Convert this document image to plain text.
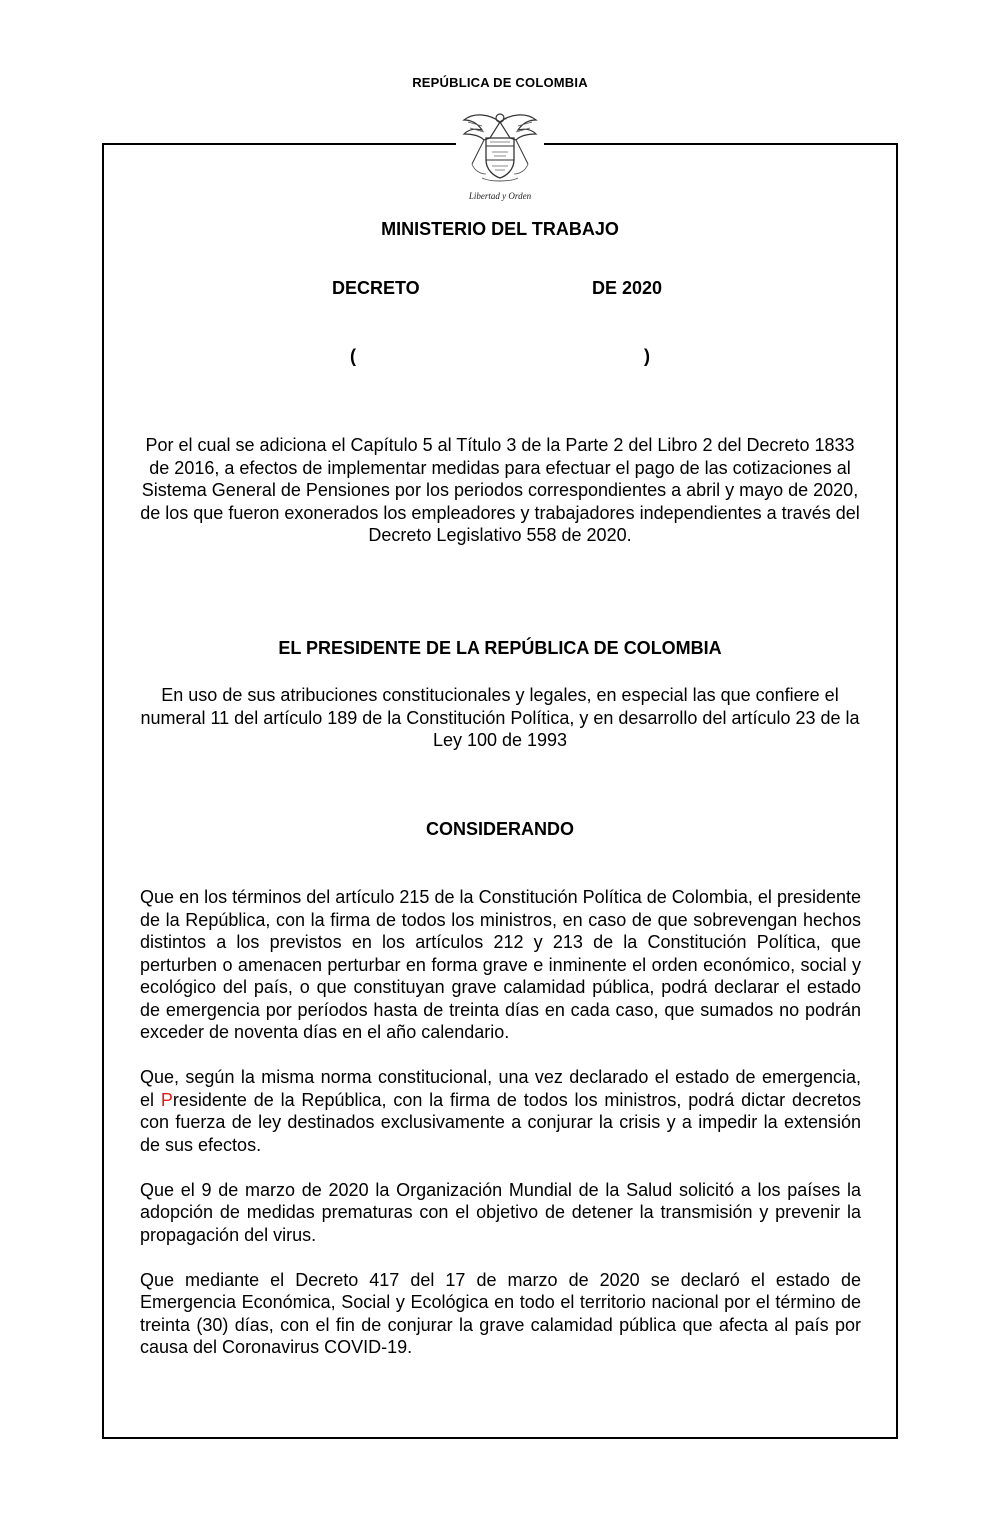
REPÚBLICA DE COLOMBIA
Libertad y Orden
MINISTERIO DEL TRABAJO
DECRETO	DE 2020
(	)
Por el cual se adiciona el Capítulo 5 al Título 3 de la Parte 2 del Libro 2 del Decreto 1833 de 2016, a efectos de implementar medidas para efectuar el pago de las cotizaciones al Sistema General de Pensiones por los periodos correspondientes a abril y mayo de 2020, de los que fueron exonerados los empleadores y trabajadores independientes a través del Decreto Legislativo 558 de 2020.
EL PRESIDENTE DE LA REPÚBLICA DE COLOMBIA
En uso de sus atribuciones constitucionales y legales, en especial las que confiere el numeral 11 del artículo 189 de la Constitución Política, y en desarrollo del artículo 23 de la Ley 100 de 1993
CONSIDERANDO

Que en los términos del artículo 215 de la Constitución Política de Colombia, el presidente de la República, con la firma de todos los ministros, en caso de que sobrevengan hechos distintos a los previstos en los artículos 212 y 213 de la Constitución Política, que perturben o amenacen perturbar en forma grave e inminente el orden económico, social y ecológico del país, o que constituyan grave calamidad pública, podrá declarar el estado de emergencia por períodos hasta de treinta días en cada caso, que sumados no podrán exceder de noventa días en el año calendario.

Que, según la misma norma constitucional, una vez declarado el estado de emergencia, el Presidente de la República, con la firma de todos los ministros, podrá dictar decretos con fuerza de ley destinados exclusivamente a conjurar la crisis y a impedir la extensión de sus efectos.

Que el 9 de marzo de 2020 la Organización Mundial de la Salud solicitó a los países la adopción de medidas prematuras con el objetivo de detener la transmisión y prevenir la propagación del virus.

Que mediante el Decreto 417 del 17 de marzo de 2020 se declaró el estado de Emergencia Económica, Social y Ecológica en todo el territorio nacional por el término de treinta (30) días, con el fin de conjurar la grave calamidad pública que afecta al país por causa del Coronavirus COVID-19.
